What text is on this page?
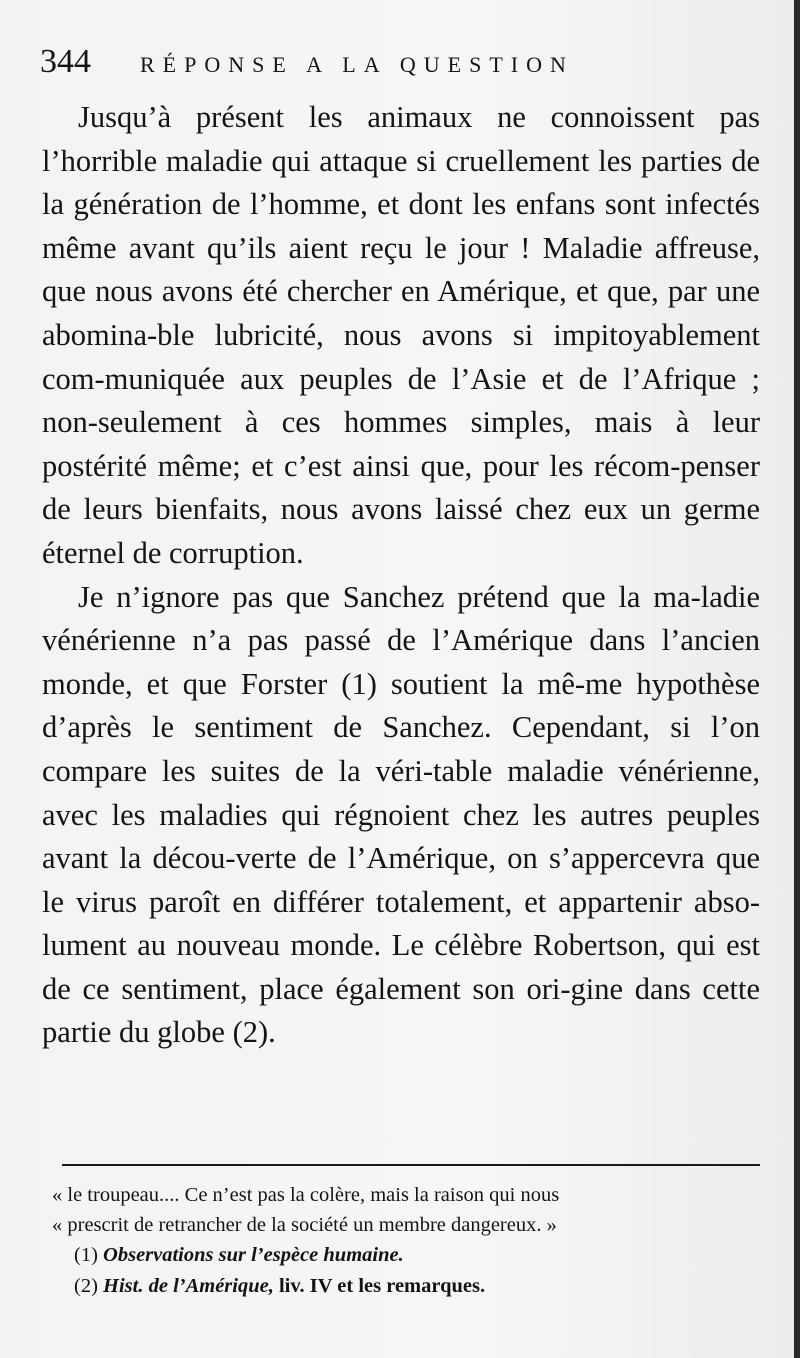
344 RÉPONSE A LA QUESTION

Jusqu’à présent les animaux ne connoissent pas l’horrible maladie qui attaque si cruellement les parties de la génération de l’homme, et dont les enfans sont infectés même avant qu’ils aient reçu le jour ! Maladie affreuse, que nous avons été chercher en Amérique, et que, par une abomina-ble lubricité, nous avons si impitoyablement com-muniquée aux peuples de l’Asie et de l’Afrique ; non-seulement à ces hommes simples, mais à leur postérité même; et c’est ainsi que, pour les récom-penser de leurs bienfaits, nous avons laissé chez eux un germe éternel de corruption.

Je n’ignore pas que Sanchez prétend que la ma-ladie vénérienne n’a pas passé de l’Amérique dans l’ancien monde, et que Forster (1) soutient la mê-me hypothèse d’après le sentiment de Sanchez. Cependant, si l’on compare les suites de la véri-table maladie vénérienne, avec les maladies qui régnoient chez les autres peuples avant la décou-verte de l’Amérique, on s’appercevra que le virus paroît en différer totalement, et appartenir abso-lument au nouveau monde. Le célèbre Robertson, qui est de ce sentiment, place également son ori-gine dans cette partie du globe (2).

« le troupeau.... Ce n’est pas la colère, mais la raison qui nous

« prescrit de retrancher de la société un membre dangereux. »

(1) Observations sur l’espèce humaine.

(2) Hist. de l’Amérique, liv. IV et les remarques.
